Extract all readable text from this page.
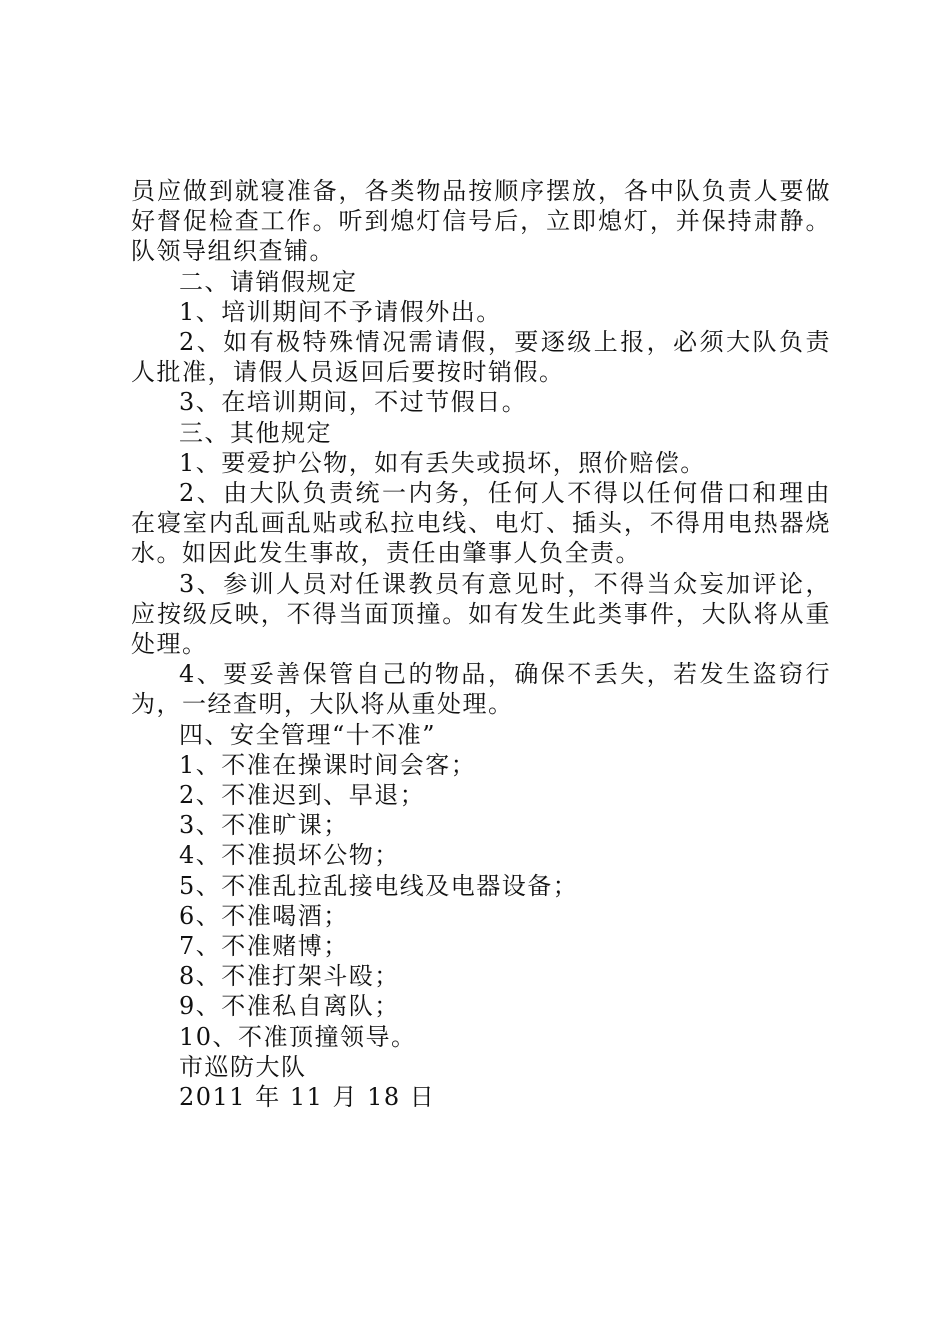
员应做到就寝准备，各类物品按顺序摆放，各中队负责人要做好督促检查工作。听到熄灯信号后，立即熄灯，并保持肃静。队领导组织查铺。

二、请销假规定

1、培训期间不予请假外出。

2、如有极特殊情况需请假，要逐级上报，必须大队负责人批准，请假人员返回后要按时销假。

3、在培训期间，不过节假日。

三、其他规定

1、要爱护公物，如有丢失或损坏，照价赔偿。

2、由大队负责统一内务，任何人不得以任何借口和理由在寝室内乱画乱贴或私拉电线、电灯、插头，不得用电热器烧水。如因此发生事故，责任由肇事人负全责。

3、参训人员对任课教员有意见时，不得当众妄加评论，应按级反映，不得当面顶撞。如有发生此类事件，大队将从重处理。

4、要妥善保管自己的物品，确保不丢失，若发生盗窃行为，一经查明，大队将从重处理。

四、安全管理“十不准”

1、不准在操课时间会客；

2、不准迟到、早退；

3、不准旷课；

4、不准损坏公物；

5、不准乱拉乱接电线及电器设备；

6、不准喝酒；

7、不准赌博；

8、不准打架斗殴；

9、不准私自离队；

10、不准顶撞领导。

市巡防大队

2011 年 11 月 18 日
